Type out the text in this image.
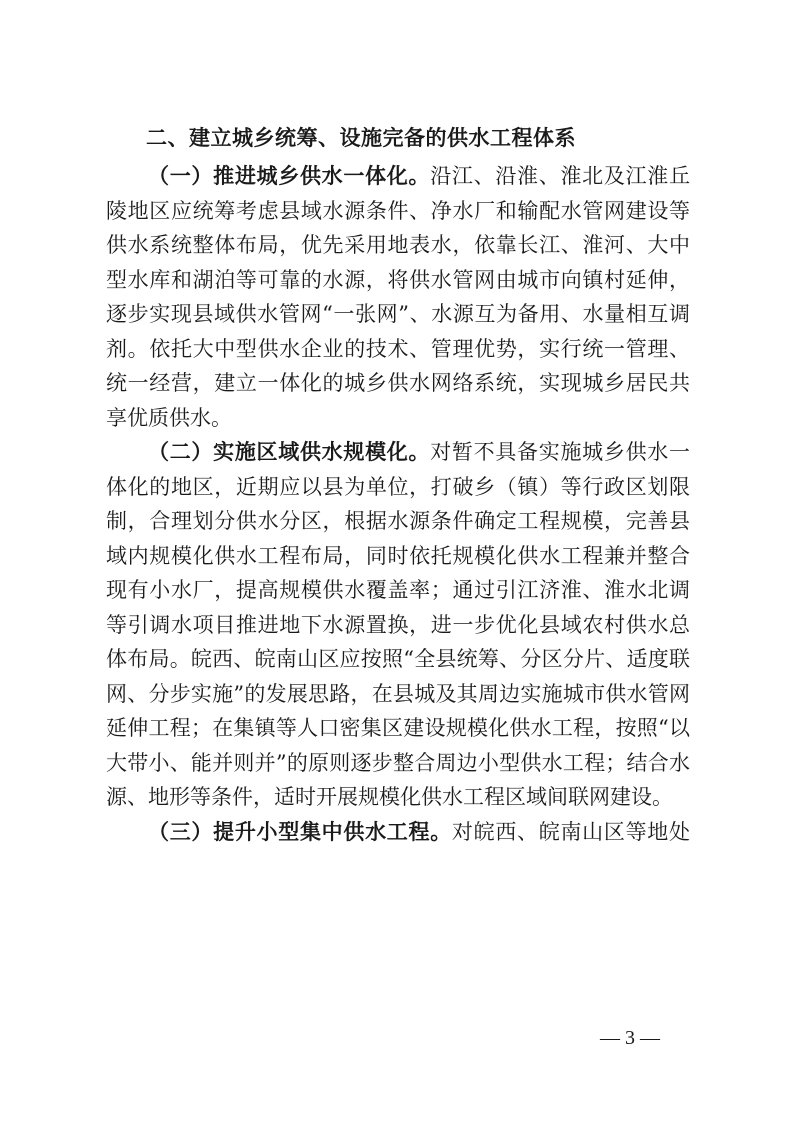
二、建立城乡统筹、设施完备的供水工程体系

（一）推进城乡供水一体化。沿江、沿淮、淮北及江淮丘陵地区应统筹考虑县域水源条件、净水厂和输配水管网建设等供水系统整体布局，优先采用地表水，依靠长江、淮河、大中型水库和湖泊等可靠的水源，将供水管网由城市向镇村延伸，逐步实现县域供水管网“一张网”、水源互为备用、水量相互调剂。依托大中型供水企业的技术、管理优势，实行统一管理、统一经营，建立一体化的城乡供水网络系统，实现城乡居民共享优质供水。

（二）实施区域供水规模化。对暂不具备实施城乡供水一体化的地区，近期应以县为单位，打破乡（镇）等行政区划限制，合理划分供水分区，根据水源条件确定工程规模，完善县域内规模化供水工程布局，同时依托规模化供水工程兼并整合现有小水厂，提高规模供水覆盖率；通过引江济淮、淮水北调等引调水项目推进地下水源置换，进一步优化县域农村供水总体布局。皖西、皖南山区应按照“全县统筹、分区分片、适度联网、分步实施”的发展思路，在县城及其周边实施城市供水管网延伸工程；在集镇等人口密集区建设规模化供水工程，按照“以大带小、能并则并”的原则逐步整合周边小型供水工程；结合水源、地形等条件，适时开展规模化供水工程区域间联网建设。

（三）提升小型集中供水工程。对皖西、皖南山区等地处

— 3 —
